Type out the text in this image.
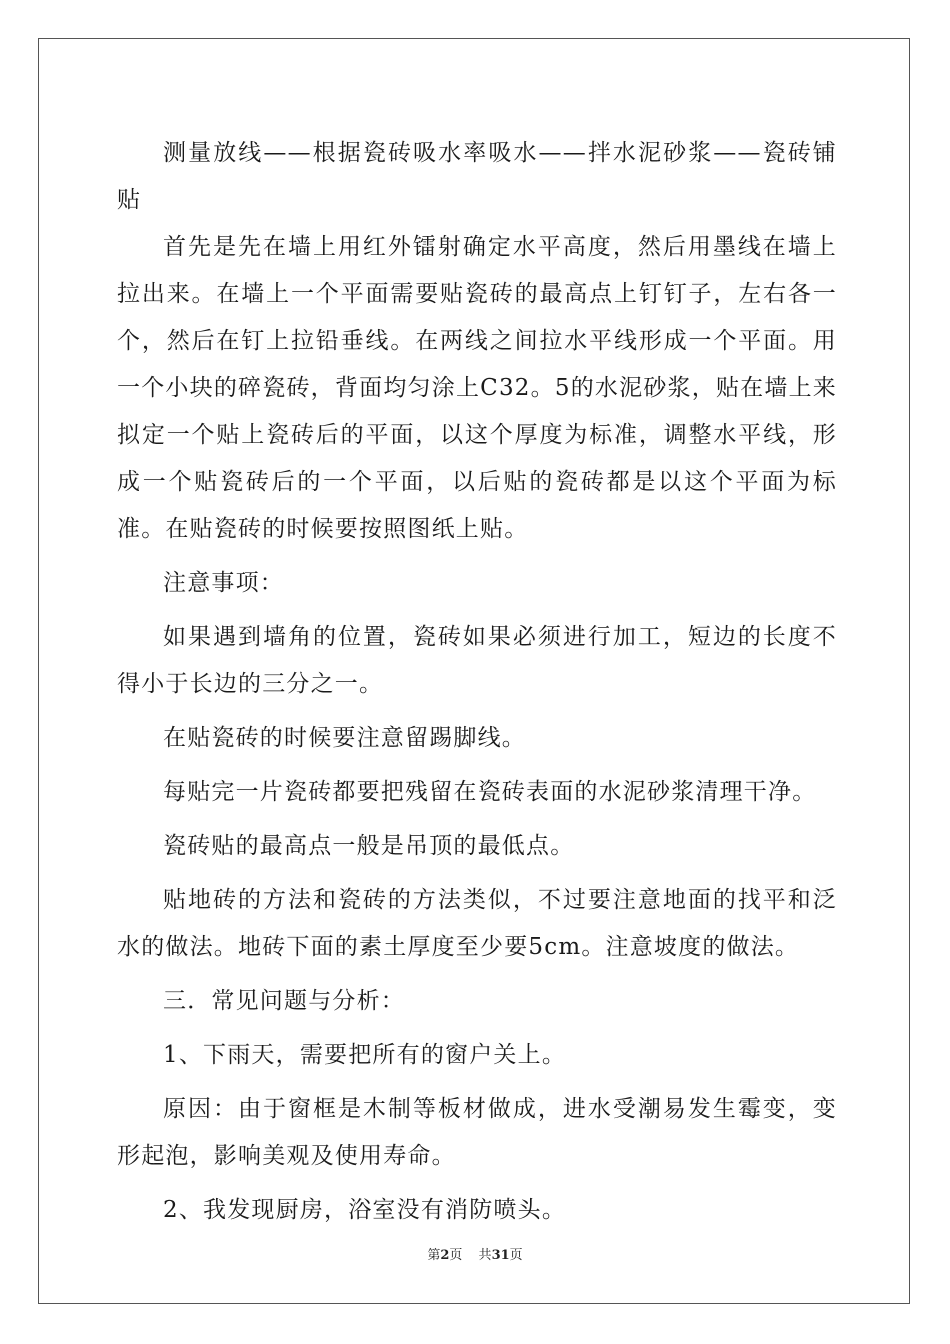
测量放线——根据瓷砖吸水率吸水——拌水泥砂浆——瓷砖铺贴

首先是先在墙上用红外镭射确定水平高度，然后用墨线在墙上拉出来。在墙上一个平面需要贴瓷砖的最高点上钉钉子，左右各一个，然后在钉上拉铅垂线。在两线之间拉水平线形成一个平面。用一个小块的碎瓷砖，背面均匀涂上C32。5的水泥砂浆，贴在墙上来拟定一个贴上瓷砖后的平面，以这个厚度为标准，调整水平线，形成一个贴瓷砖后的一个平面，以后贴的瓷砖都是以这个平面为标准。在贴瓷砖的时候要按照图纸上贴。

注意事项：

如果遇到墙角的位置，瓷砖如果必须进行加工，短边的长度不得小于长边的三分之一。

在贴瓷砖的时候要注意留踢脚线。

每贴完一片瓷砖都要把残留在瓷砖表面的水泥砂浆清理干净。

瓷砖贴的最高点一般是吊顶的最低点。

贴地砖的方法和瓷砖的方法类似，不过要注意地面的找平和泛水的做法。地砖下面的素土厚度至少要5cm。注意坡度的做法。

三．常见问题与分析：

1、下雨天，需要把所有的窗户关上。

原因：由于窗框是木制等板材做成，进水受潮易发生霉变，变形起泡，影响美观及使用寿命。

2、我发现厨房，浴室没有消防喷头。

第2页 共31页
